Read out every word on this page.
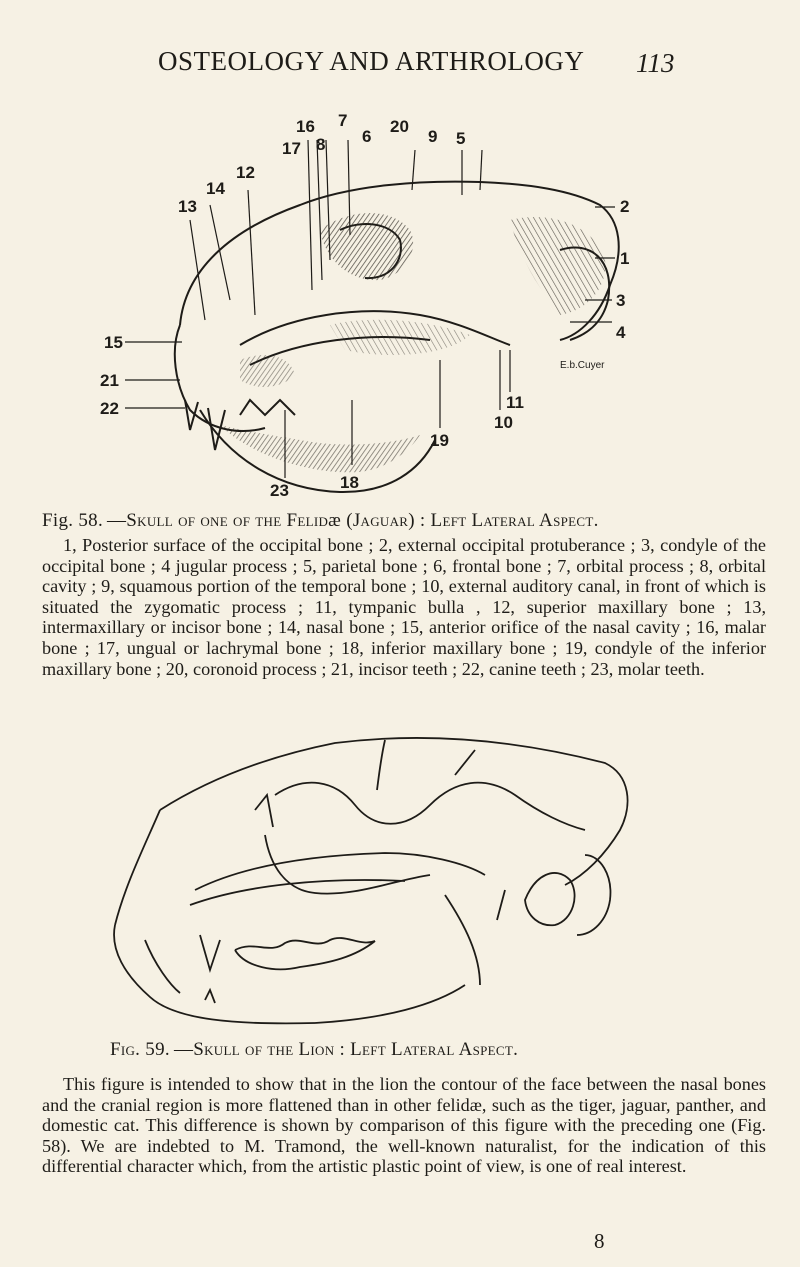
OSTEOLOGY AND ARTHROLOGY 113
16 7	20
17 8 6	9 5
12
14
13	2
1
3
4
15
21
22	11
10
19
23	18
E.b.Cuyer
Fig. 58. —Skull of one of the Felidæ (Jaguar) : Left Lateral Aspect.
1, Posterior surface of the occipital bone ; 2, external occipital protuberance ; 3, condyle of the occipital bone ; 4 jugular process ; 5, parietal bone ; 6, frontal bone ; 7, orbital process ; 8, orbital cavity ; 9, squamous portion of the temporal bone ; 10, external auditory canal, in front of which is situated the zygomatic process ; 11, tympanic bulla , 12, superior maxillary bone ; 13, intermaxillary or incisor bone ; 14, nasal bone ; 15, anterior orifice of the nasal cavity ; 16, malar bone ; 17, ungual or lachrymal bone ; 18, inferior maxillary bone ; 19, condyle of the inferior maxillary bone ; 20, coronoid process ; 21, incisor teeth ; 22, canine teeth ; 23, molar teeth.
Fig. 59. —Skull of the Lion : Left Lateral Aspect.
This figure is intended to show that in the lion the contour of the face between the nasal bones and the cranial region is more flattened than in other felidæ, such as the tiger, jaguar, panther, and domestic cat. This difference is shown by comparison of this figure with the preceding one (Fig. 58). We are indebted to M. Tramond, the well-known naturalist, for the indication of this differential character which, from the artistic plastic point of view, is one of real interest.
8
